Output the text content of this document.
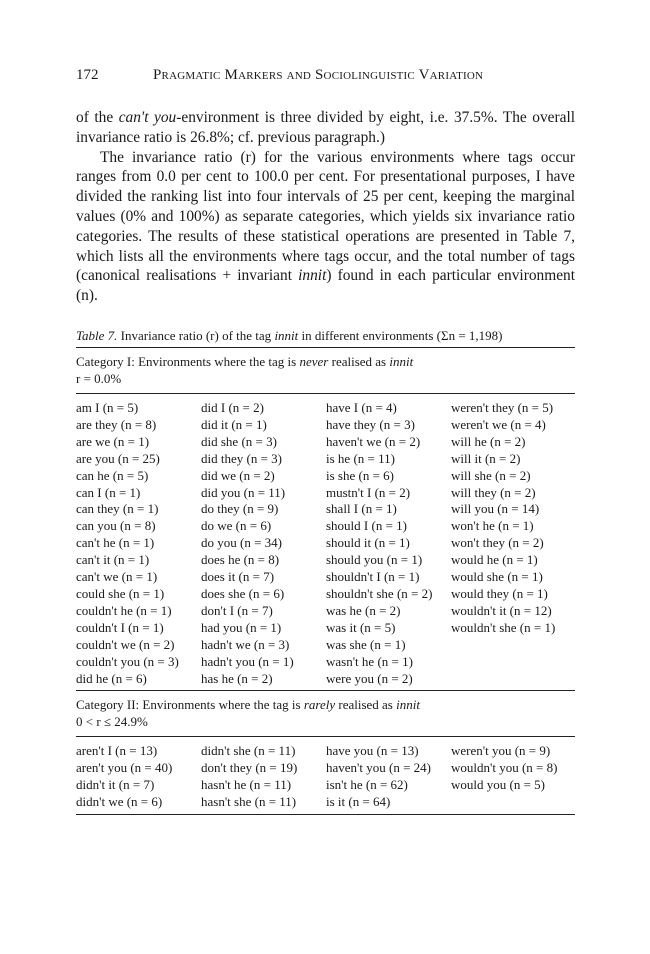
172	Pragmatic Markers and Sociolinguistic Variation

of the can't you-environment is three divided by eight, i.e. 37.5%. The overall invariance ratio is 26.8%; cf. previous paragraph.)

The invariance ratio (r) for the various environments where tags occur ranges from 0.0 per cent to 100.0 per cent. For presentational purposes, I have divided the ranking list into four intervals of 25 per cent, keeping the marginal values (0% and 100%) as separate categories, which yields six invariance ratio categories. The results of these statistical operations are presented in Table 7, which lists all the environments where tags occur, and the total number of tags (canonical realisations + invariant innit) found in each particular environment (n).

Table 7. Invariance ratio (r) of the tag innit in different environments (Σn = 1,198)
Category I: Environments where the tag is never realised as innit
r = 0.0%
am I (n = 5)
are they (n = 8)
are we (n = 1)
are you (n = 25)
can he (n = 5)
can I (n = 1)
can they (n = 1)
can you (n = 8)
can't he (n = 1)
can't it (n = 1)
can't we (n = 1)
could she (n = 1)
couldn't he (n = 1)
couldn't I (n = 1)
couldn't we (n = 2)
couldn't you (n = 3)
did he (n = 6)
did I (n = 2)
did it (n = 1)
did she (n = 3)
did they (n = 3)
did we (n = 2)
did you (n = 11)
do they (n = 9)
do we (n = 6)
do you (n = 34)
does he (n = 8)
does it (n = 7)
does she (n = 6)
don't I (n = 7)
had you (n = 1)
hadn't we (n = 3)
hadn't you (n = 1)
has he (n = 2)
have I (n = 4)
have they (n = 3)
haven't we (n = 2)
is he (n = 11)
is she (n = 6)
mustn't I (n = 2)
shall I (n = 1)
should I (n = 1)
should it (n = 1)
should you (n = 1)
shouldn't I (n = 1)
shouldn't she (n = 2)
was he (n = 2)
was it (n = 5)
was she (n = 1)
wasn't he (n = 1)
were you (n = 2)
weren't they (n = 5)
weren't we (n = 4)
will he (n = 2)
will it (n = 2)
will she (n = 2)
will they (n = 2)
will you (n = 14)
won't he (n = 1)
won't they (n = 2)
would he (n = 1)
would she (n = 1)
would they (n = 1)
wouldn't it (n = 12)
wouldn't she (n = 1)
Category II: Environments where the tag is rarely realised as innit
0 < r ≤ 24.9%
aren't I (n = 13)
aren't you (n = 40)
didn't it (n = 7)
didn't we (n = 6)
didn't she (n = 11)
don't they (n = 19)
hasn't he (n = 11)
hasn't she (n = 11)
have you (n = 13)
haven't you (n = 24)
isn't he (n = 62)
is it (n = 64)
weren't you (n = 9)
wouldn't you (n = 8)
would you (n = 5)
